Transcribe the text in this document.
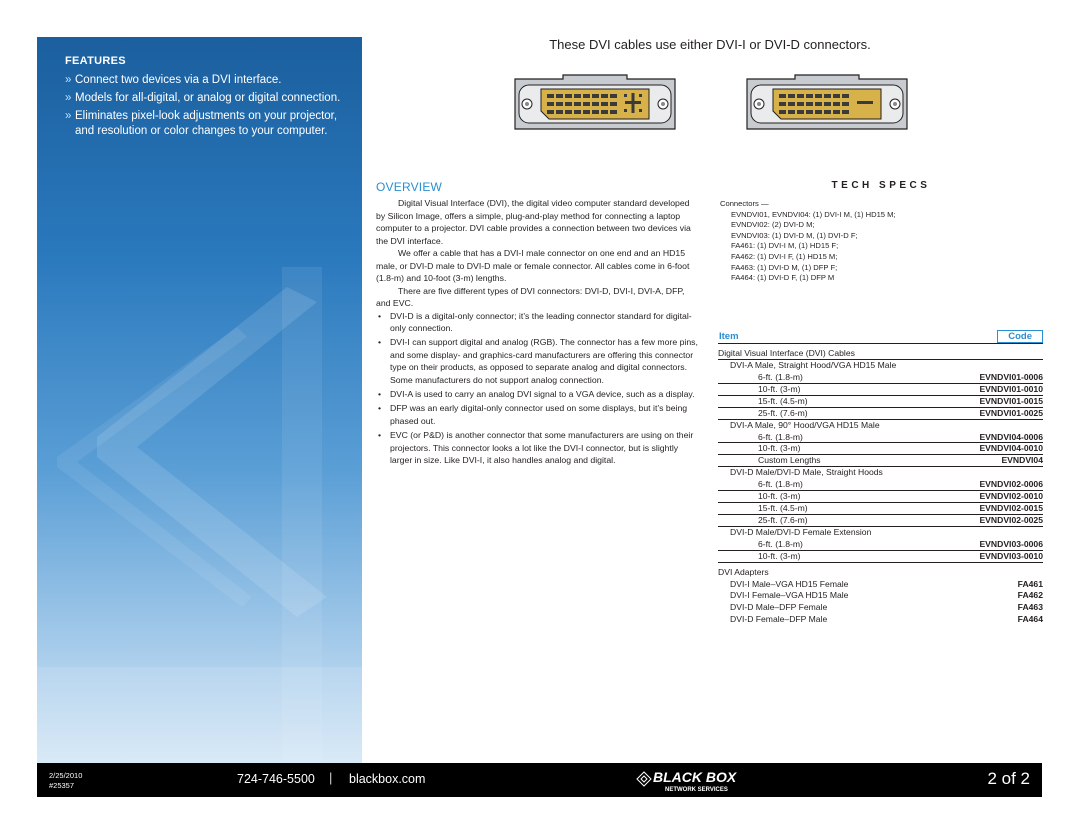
FEATURES
» Connect two devices via a DVI interface.
» Models for all-digital, or analog or digital connection.
» Eliminates pixel-look adjustments on your projector, and resolution or color changes to your computer.
These DVI cables use either DVI-I or DVI-D connectors.
OVERVIEW

Digital Visual Interface (DVI), the digital video computer standard developed by Silicon Image, offers a simple, plug-and-play method for connecting a laptop computer to a projector. DVI cable provides a connection between two devices via the DVI interface.

We offer a cable that has a DVI-I male connector on one end and an HD15 male, or DVI-D male to DVI-D male or female connector. All cables come in 6-foot (1.8-m) and 10-foot (3-m) lengths.

There are five different types of DVI connectors: DVI-D, DVI-I, DVI-A, DFP, and EVC.

• DVI-D is a digital-only connector; it’s the leading connector standard for digital-only connection.
• DVI-I can support digital and analog (RGB). The connector has a few more pins, and some display- and graphics-card manufacturers are offering this connector type on their products, as opposed to separate analog and digital connectors. Some manufacturers do not support analog connection.
• DVI-A is used to carry an analog DVI signal to a VGA device, such as a display.
• DFP was an early digital-only connector used on some displays, but it’s being phased out.
• EVC (or P&D) is another connector that some manufacturers are using on their projectors. This connector looks a lot like the DVI-I connector, but is slightly larger in size. Like DVI-I, it also handles analog and digital.
TECH SPECS
Connectors —
EVNDVI01, EVNDVI04: (1) DVI-I M, (1) HD15 M;
EVNDVI02: (2) DVI-D M;
EVNDVI03: (1) DVI-D M, (1) DVI-D F;
FA461: (1) DVI-I M, (1) HD15 F;
FA462: (1) DVI-I F, (1) HD15 M;
FA463: (1) DVI-D M, (1) DFP F;
FA464: (1) DVI-D F, (1) DFP M
Item	Code
Digital Visual Interface (DVI) Cables
DVI-A Male, Straight Hood/VGA HD15 Male
6-ft. (1.8-m)	EVNDVI01-0006
10-ft. (3-m)	EVNDVI01-0010
15-ft. (4.5-m)	EVNDVI01-0015
25-ft. (7.6-m)	EVNDVI01-0025
DVI-A Male, 90° Hood/VGA HD15 Male
6-ft. (1.8-m)	EVNDVI04-0006
10-ft. (3-m)	EVNDVI04-0010
Custom Lengths	EVNDVI04
DVI-D Male/DVI-D Male, Straight Hoods
6-ft. (1.8-m)	EVNDVI02-0006
10-ft. (3-m)	EVNDVI02-0010
15-ft. (4.5-m)	EVNDVI02-0015
25-ft. (7.6-m)	EVNDVI02-0025
DVI-D Male/DVI-D Female Extension
6-ft. (1.8-m)	EVNDVI03-0006
10-ft. (3-m)	EVNDVI03-0010
DVI Adapters
DVI-I Male–VGA HD15 Female	FA461
DVI-I Female–VGA HD15 Male	FA462
DVI-D Male–DFP Female	FA463
DVI-D Female–DFP Male	FA464
2/25/2010
#25357	724-746-5500 | blackbox.com	BLACK BOX
NETWORK SERVICES
2 of 2
